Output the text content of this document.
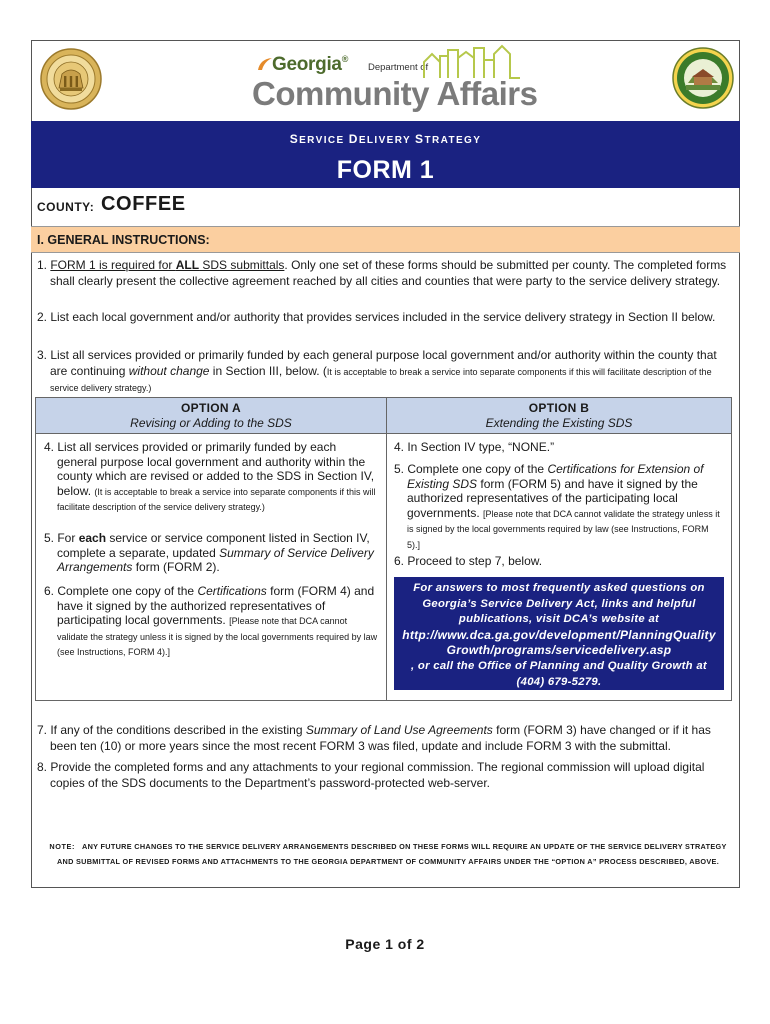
Georgia®
Department of
Community Affairs
SERVICE DELIVERY STRATEGY
FORM 1
COUNTY: COFFEE
I. GENERAL INSTRUCTIONS:
1. FORM 1 is required for ALL SDS submittals. Only one set of these forms should be submitted per county. The completed forms shall clearly present the collective agreement reached by all cities and counties that were party to the service delivery strategy.
2. List each local government and/or authority that provides services included in the service delivery strategy in Section II below.
3. List all services provided or primarily funded by each general purpose local government and/or authority within the county that are continuing without change in Section III, below. (It is acceptable to break a service into separate components if this will facilitate description of the service delivery strategy.)
OPTION A
Revising or Adding to the SDS
OPTION B
Extending the Existing SDS
4. List all services provided or primarily funded by each general purpose local government and authority within the county which are revised or added to the SDS in Section IV, below. (It is acceptable to break a service into separate components if this will facilitate description of the service delivery strategy.)
5. For each service or service component listed in Section IV, complete a separate, updated Summary of Service Delivery Arrangements form (FORM 2).
6. Complete one copy of the Certifications form (FORM 4) and have it signed by the authorized representatives of participating local governments. [Please note that DCA cannot validate the strategy unless it is signed by the local governments required by law (see Instructions, FORM 4).]
4. In Section IV type, “NONE.”
5. Complete one copy of the Certifications for Extension of Existing SDS form (FORM 5) and have it signed by the authorized representatives of the participating local governments. [Please note that DCA cannot validate the strategy unless it is signed by the local governments required by law (see Instructions, FORM 5).]
6. Proceed to step 7, below.
For answers to most frequently asked questions on Georgia’s Service Delivery Act, links and helpful publications, visit DCA’s website at
http://www.dca.ga.gov/development/PlanningQualityGrowth/programs/servicedelivery.asp
, or call the Office of Planning and Quality Growth at (404) 679-5279.
7. If any of the conditions described in the existing Summary of Land Use Agreements form (FORM 3) have changed or if it has been ten (10) or more years since the most recent FORM 3 was filed, update and include FORM 3 with the submittal.
8. Provide the completed forms and any attachments to your regional commission. The regional commission will upload digital copies of the SDS documents to the Department’s password-protected web-server.
NOTE: ANY FUTURE CHANGES TO THE SERVICE DELIVERY ARRANGEMENTS DESCRIBED ON THESE FORMS WILL REQUIRE AN UPDATE OF THE SERVICE DELIVERY STRATEGY AND SUBMITTAL OF REVISED FORMS AND ATTACHMENTS TO THE GEORGIA DEPARTMENT OF COMMUNITY AFFAIRS UNDER THE “OPTION A” PROCESS DESCRIBED, ABOVE.
Page 1 of 2
